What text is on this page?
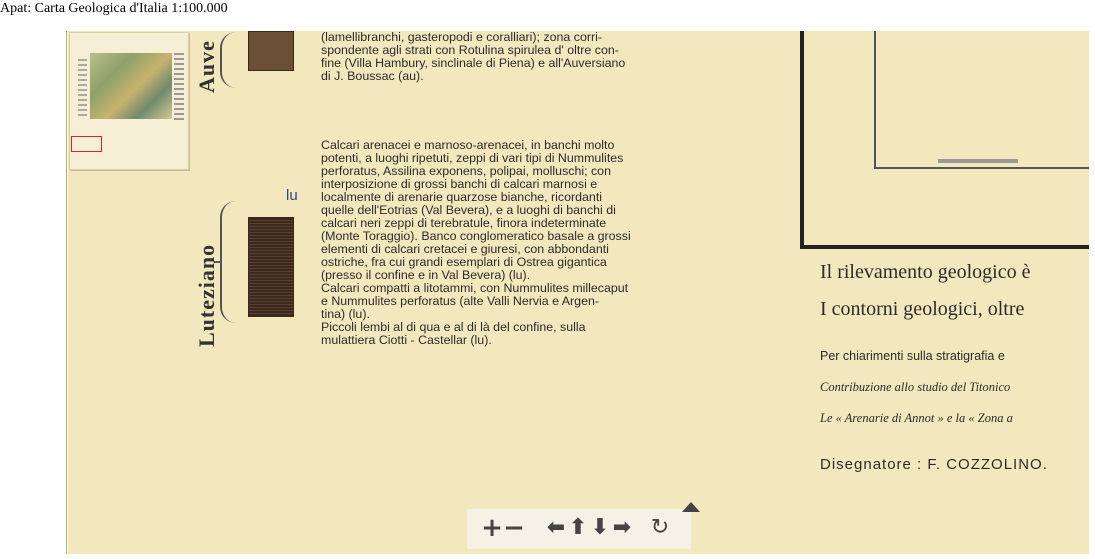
Apat: Carta Geologica d'Italia 1:100.000
Auve
Luteziano
lu
(lamellibranchi, gasteropodi e coralliari); zona corri-
spondente agli strati con Rotulina spirulea d' oltre con-
fine (Villa Hambury, sinclinale di Piena) e all'Auversiano
di J. Boussac (au).
Calcari arenacei e marnoso-arenacei, in banchi molto
potenti, a luoghi ripetuti, zeppi di vari tipi di Nummulites
perforatus, Assilina exponens, polipai, molluschi; con
interposizione di grossi banchi di calcari marnosi e
localmente di arenarie quarzose bianche, ricordanti
quelle dell'Eotrias (Val Bevera), e a luoghi di banchi di
calcari neri zeppi di terebratule, finora indeterminate
(Monte Toraggio). Banco conglomeratico basale a grossi
elementi di calcari cretacei e giuresi, con abbondanti
ostriche, fra cui grandi esemplari di Ostrea gigantica
(presso il confine e in Val Bevera) (lu).
Calcari compatti a litotammi, con Nummulites millecaput
e Nummulites perforatus (alte Valli Nervia e Argen-
tina) (lu).
Piccoli lembi al di qua e al di là del confine, sulla
mulattiera Ciotti - Castellar (lu).
Il rilevamento geologico è
I contorni geologici, oltre
Per chiarimenti sulla stratigrafia e
Contribuzione allo studio del Titonico
Le « Arenarie di Annot » e la « Zona a
Disegnatore : F. COZZOLINO.
+ − ⬅ ⬆ ⬇ ➡ ↻
